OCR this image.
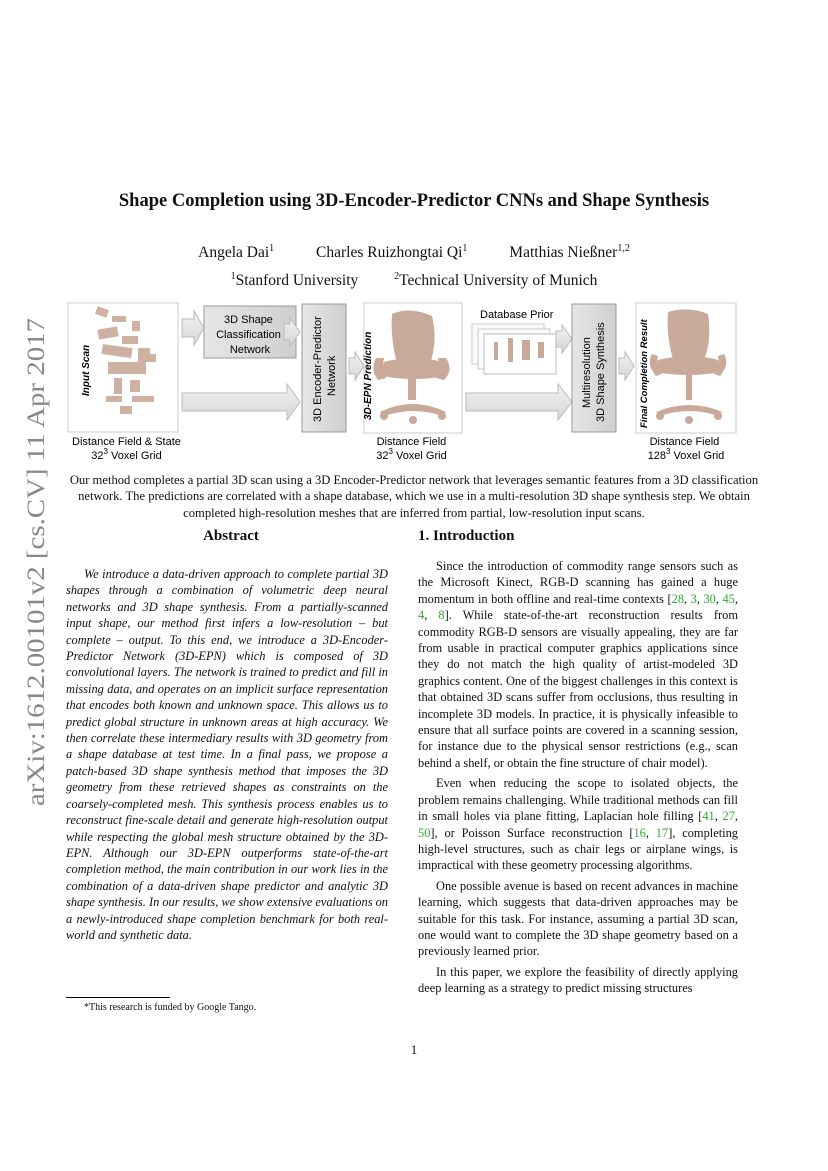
arXiv:1612.00101v2 [cs.CV] 11 Apr 2017
Shape Completion using 3D-Encoder-Predictor CNNs and Shape Synthesis
Angela Dai$^1$	Charles Ruizhongtai Qi$^1$	Matthias Nießner$^{1,2}$
$^1$Stanford University	$^2$Technical University of Munich
Input Scan
3D Shape Classification Network	3D Encoder-Predictor Network	3D-EPN Prediction
Database Prior
Multiresolution 3D Shape Synthesis	Final Completion Result
Distance Field & State $32^3$ Voxel Grid Distance Field $32^3$ Voxel Grid Distance Field $128^3$ Voxel Grid
Our method completes a partial 3D scan using a 3D Encoder-Predictor network that leverages semantic features from a 3D classification network. The predictions are correlated with a shape database, which we use in a multi-resolution 3D shape synthesis step. We obtain completed high-resolution meshes that are inferred from partial, low-resolution input scans.
Abstract

We introduce a data-driven approach to complete partial 3D shapes through a combination of volumetric deep neural networks and 3D shape synthesis. From a partially-scanned input shape, our method first infers a low-resolution – but complete – output. To this end, we introduce a 3D-Encoder-Predictor Network (3D-EPN) which is composed of 3D convolutional layers. The network is trained to predict and fill in missing data, and operates on an implicit surface representation that encodes both known and unknown space. This allows us to predict global structure in unknown areas at high accuracy. We then correlate these intermediary results with 3D geometry from a shape database at test time. In a final pass, we propose a patch-based 3D shape synthesis method that imposes the 3D geometry from these retrieved shapes as constraints on the coarsely-completed mesh. This synthesis process enables us to reconstruct fine-scale detail and generate high-resolution output while respecting the global mesh structure obtained by the 3D-EPN. Although our 3D-EPN outperforms state-of-the-art completion method, the main contribution in our work lies in the combination of a data-driven shape predictor and analytic 3D shape synthesis. In our results, we show extensive evaluations on a newly-introduced shape completion benchmark for both real-world and synthetic data.

1. Introduction

Since the introduction of commodity range sensors such as the Microsoft Kinect, RGB-D scanning has gained a huge momentum in both offline and real-time contexts [28, 3, 30, 45, 4, 8]. While state-of-the-art reconstruction results from commodity RGB-D sensors are visually appealing, they are far from usable in practical computer graphics applications since they do not match the high quality of artist-modeled 3D graphics content. One of the biggest challenges in this context is that obtained 3D scans suffer from occlusions, thus resulting in incomplete 3D models. In practice, it is physically infeasible to ensure that all surface points are covered in a scanning session, for instance due to the physical sensor restrictions (e.g., scan behind a shelf, or obtain the fine structure of chair model).

Even when reducing the scope to isolated objects, the problem remains challenging. While traditional methods can fill in small holes via plane fitting, Laplacian hole filling [41, 27, 50], or Poisson Surface reconstruction [16, 17], completing high-level structures, such as chair legs or airplane wings, is impractical with these geometry processing algorithms.

One possible avenue is based on recent advances in machine learning, which suggests that data-driven approaches may be suitable for this task. For instance, assuming a partial 3D scan, one would want to complete the 3D shape geometry based on a previously learned prior.

In this paper, we explore the feasibility of directly applying deep learning as a strategy to predict missing structures

*This research is funded by Google Tango.
1
